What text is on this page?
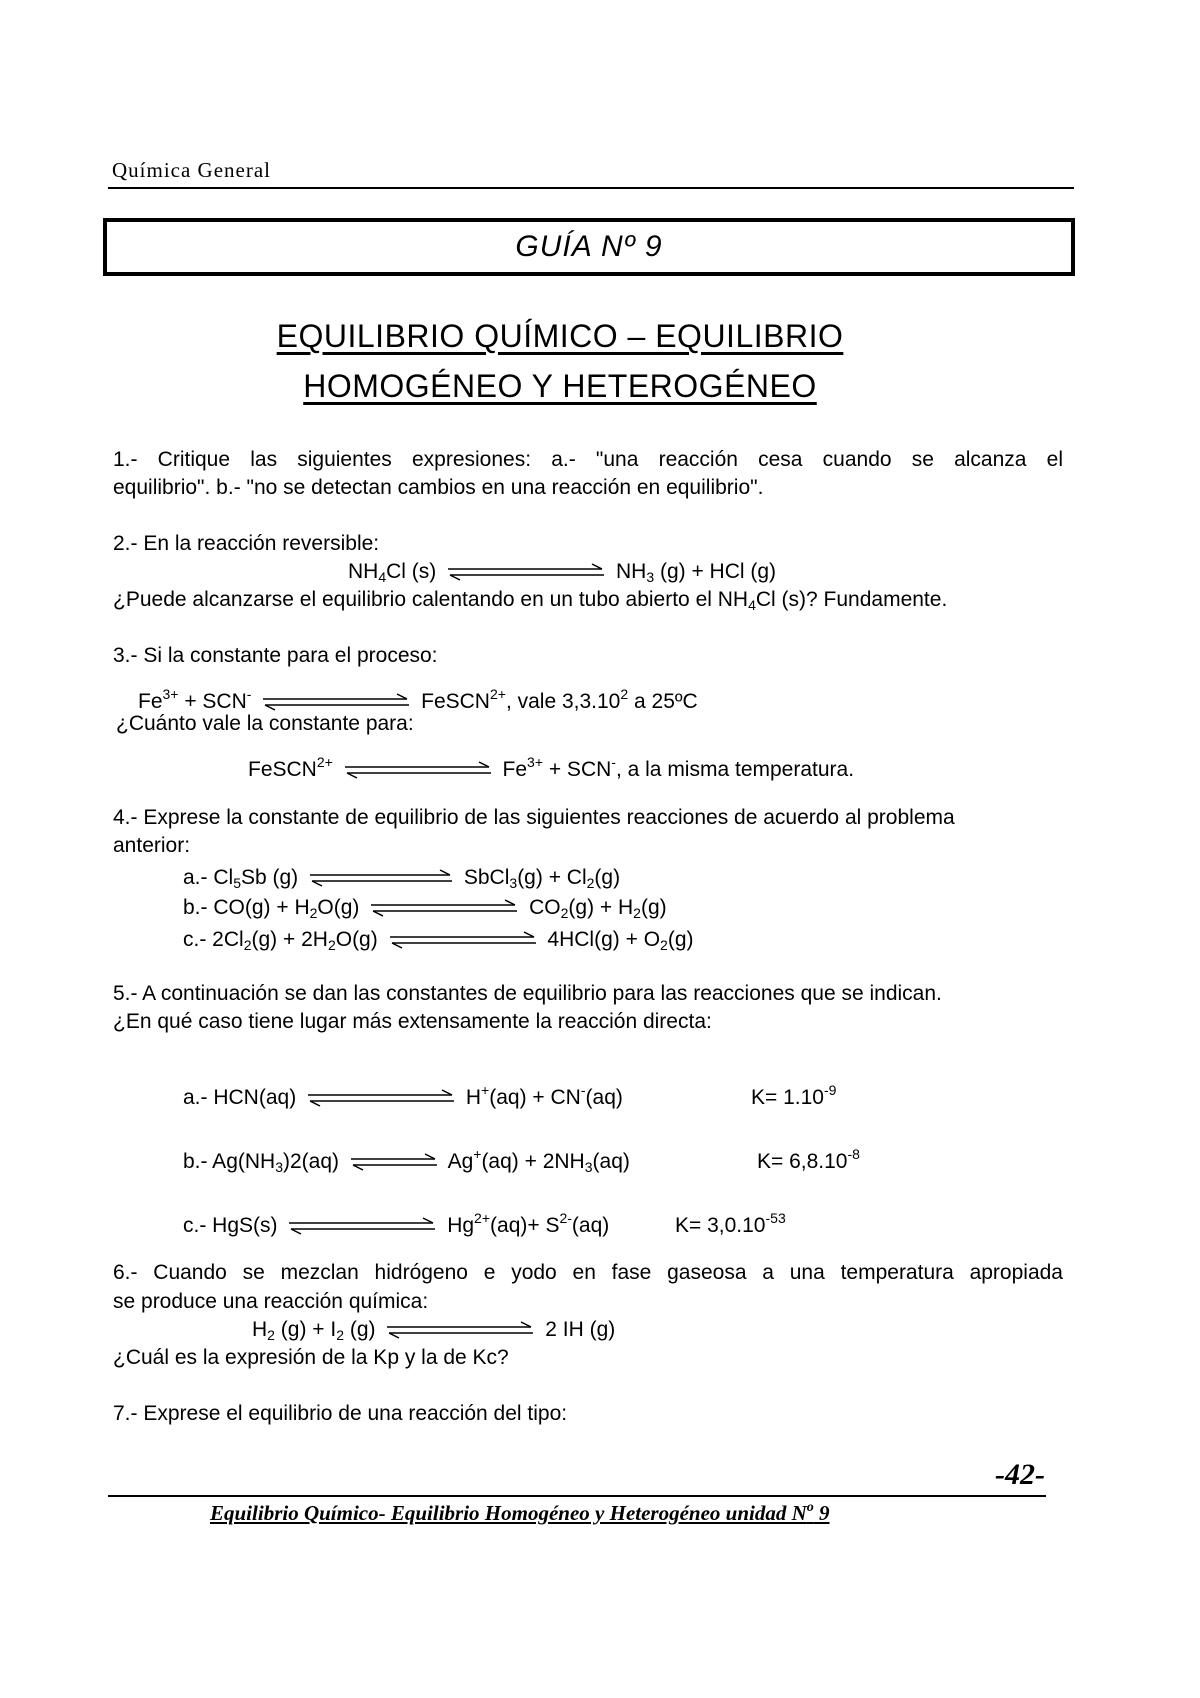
Química General
GUÍA Nº 9
EQUILIBRIO QUÍMICO – EQUILIBRIO
HOMOGÉNEO Y HETEROGÉNEO
1.- Critique las siguientes expresiones: a.- "una reacción cesa cuando se alcanza el
equilibrio". b.- "no se detectan cambios en una reacción en equilibrio".
2.- En la reacción reversible:
$NH_4Cl$ (s)	$NH_3$ (g) + HCl (g)
¿Puede alcanzarse el equilibrio calentando en un tubo abierto el $NH_4Cl$ (s)? Fundamente.
3.- Si la constante para el proceso:
$Fe^{3+} + SCN^-$	FeSCN$^{2+}$, vale 3,3.10$^2$ a 25ºC
¿Cuánto vale la constante para:
FeSCN$^{2+}$	$Fe^{3+} + SCN^-$, a la misma temperatura.
4.- Exprese la constante de equilibrio de las siguientes reacciones de acuerdo al problema
anterior:
a.- $Cl_5Sb$ (g)	SbCl$_3$(g) + $Cl_2(g)$
b.- $CO(g) + H_2O(g)$	$CO_2(g) + H_2(g)$
c.- $2Cl_2(g) + 2H_2O(g)$	$4HCl(g) + O_2(g)$
5.- A continuación se dan las constantes de equilibrio para las reacciones que se indican.
¿En qué caso tiene lugar más extensamente la reacción directa:
a.- HCN(aq)	H+(aq) + CN-(aq)	$K= 1.10^{-9}$
b.- $Ag(NH_3)2(aq)$	$Ag^+(aq) + 2NH_3(aq)$	$K= 6,8.10^{-8}$
c.- HgS(s)	$Hg^{2+}(aq)+ S^{2-}(aq)$	$K= 3,0.10^{-53}$
6.- Cuando se mezclan hidrógeno e yodo en fase gaseosa a una temperatura apropiada
se produce una reacción química:
$H_2$ $(g) + I_2$ (g)	2 IH (g)
¿Cuál es la expresión de la Kp y la de Kc?
7.- Exprese el equilibrio de una reacción del tipo:
-42-
Equilibrio Químico- Equilibrio Homogéneo y Heterogéneo unidad $N^o$ 9
